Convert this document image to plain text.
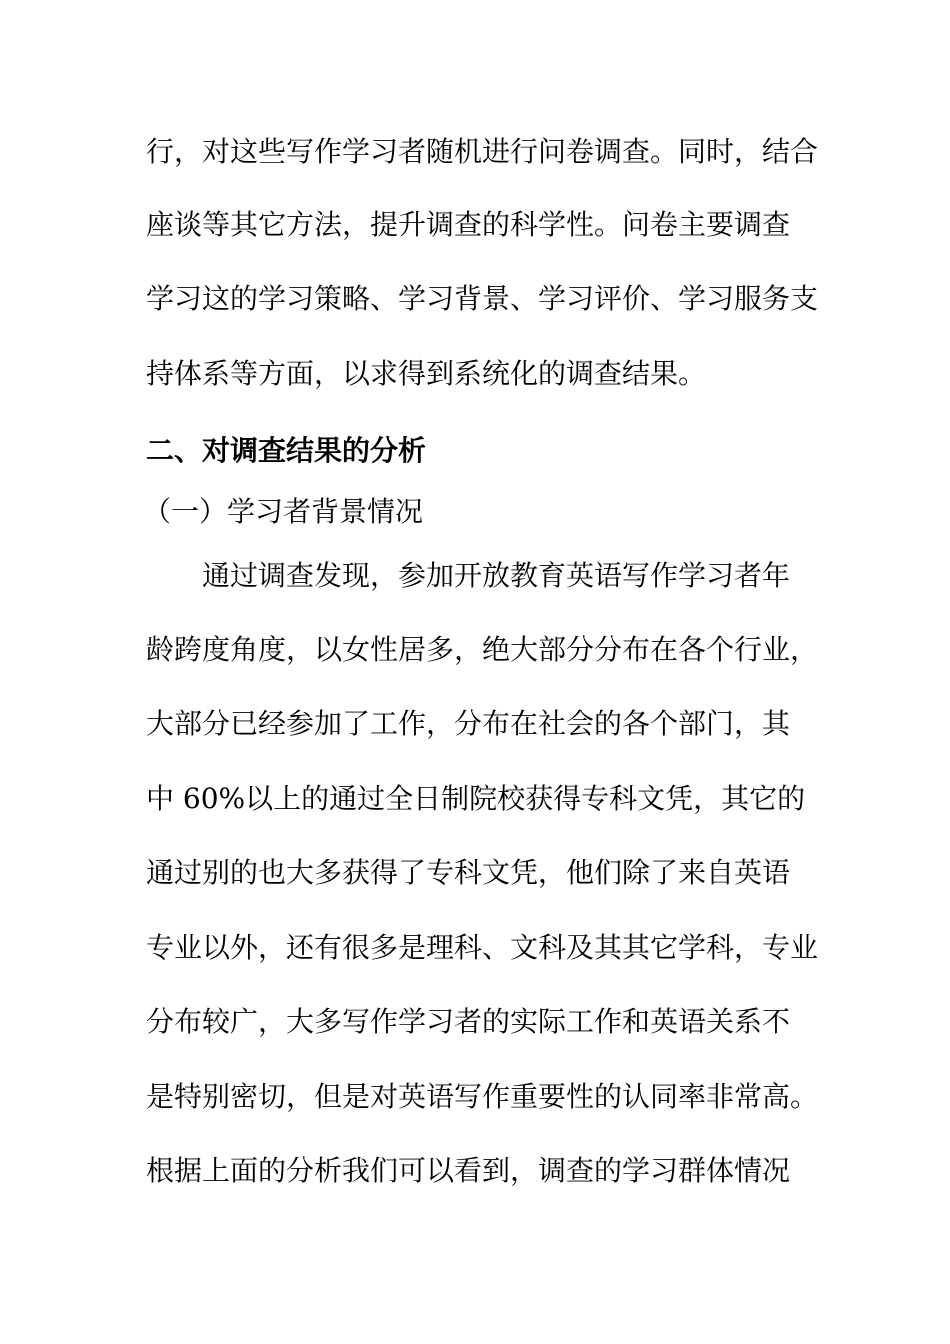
行，对这些写作学习者随机进行问卷调查。同时，结合
座谈等其它方法，提升调查的科学性。问卷主要调查
学习这的学习策略、学习背景、学习评价、学习服务支
持体系等方面，以求得到系统化的调查结果。
二、对调查结果的分析
（一）学习者背景情况
通过调查发现，参加开放教育英语写作学习者年
龄跨度角度，以女性居多，绝大部分分布在各个行业，
大部分已经参加了工作，分布在社会的各个部门，其
中 60%以上的通过全日制院校获得专科文凭，其它的
通过别的也大多获得了专科文凭，他们除了来自英语
专业以外，还有很多是理科、文科及其其它学科，专业
分布较广，大多写作学习者的实际工作和英语关系不
是特别密切，但是对英语写作重要性的认同率非常高。
根据上面的分析我们可以看到，调查的学习群体情况
